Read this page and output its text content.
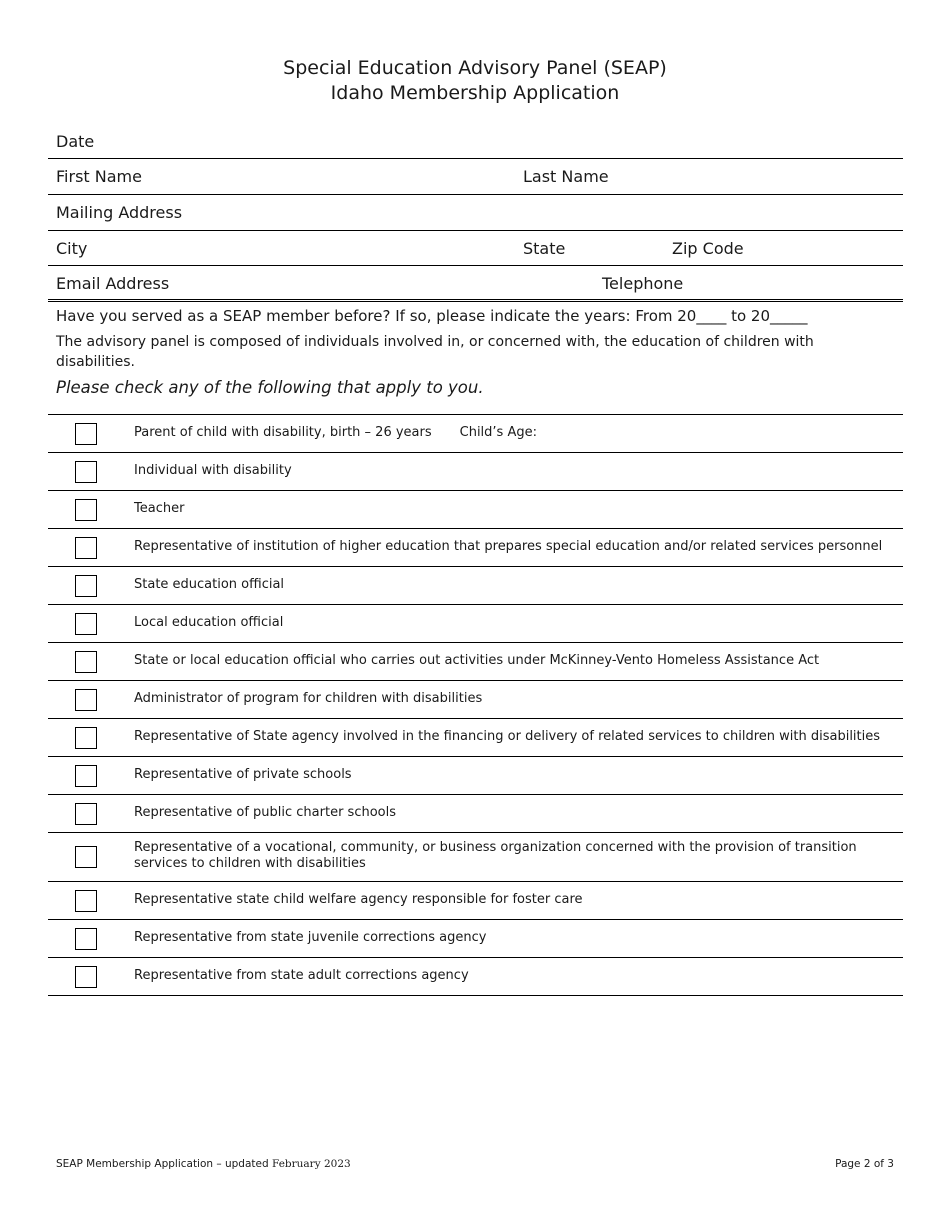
Special Education Advisory Panel (SEAP)
Idaho Membership Application
Date
First Name	Last Name
Mailing Address
City	State	Zip Code
Email Address	Telephone

Have you served as a SEAP member before? If so, please indicate the years: From 20____ to 20_____

The advisory panel is composed of individuals involved in, or concerned with, the education of children with disabilities.

Please check any of the following that apply to you.

Parent of child with disability, birth – 26 years Child’s Age:
Individual with disability
Teacher
Representative of institution of higher education that prepares special education and/or related services personnel
State education official
Local education official
State or local education official who carries out activities under McKinney-Vento Homeless Assistance Act
Administrator of program for children with disabilities
Representative of State agency involved in the financing or delivery of related services to children with disabilities
Representative of private schools
Representative of public charter schools
Representative of a vocational, community, or business organization concerned with the provision of transition services to children with disabilities
Representative state child welfare agency responsible for foster care
Representative from state juvenile corrections agency
Representative from state adult corrections agency
SEAP Membership Application – updated February 2023	Page 2 of 3
